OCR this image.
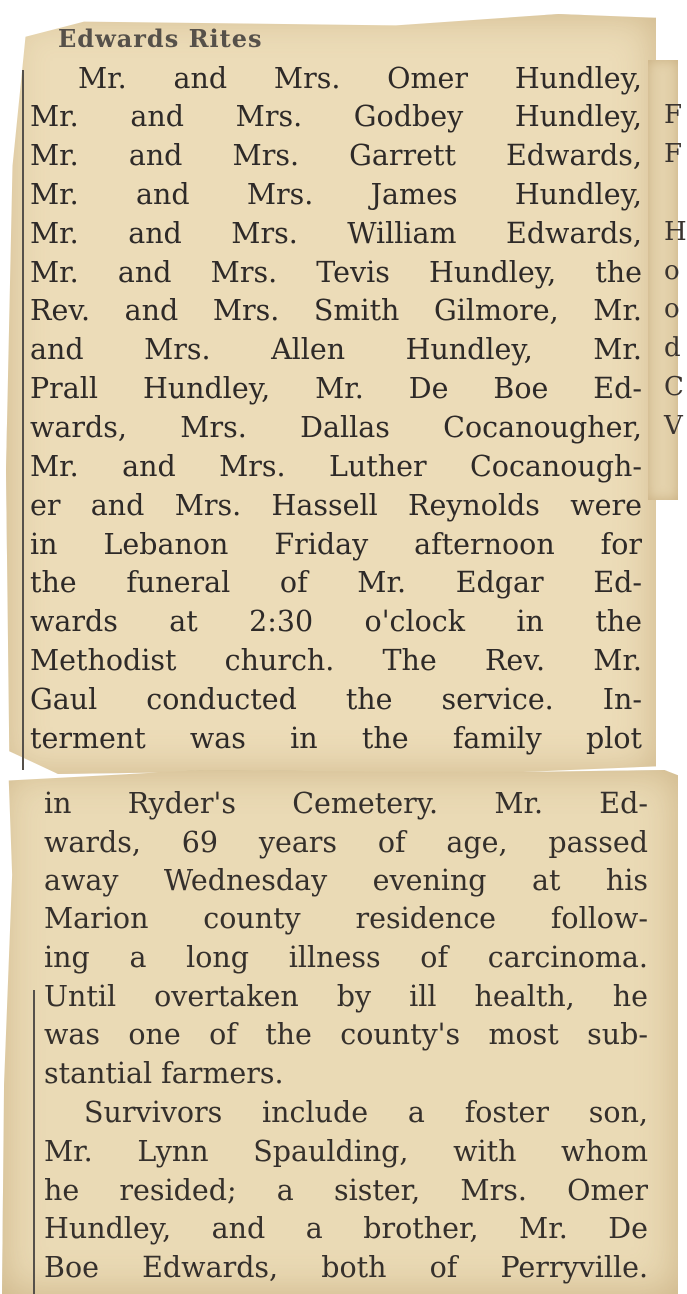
Edwards Rites
Mr. and Mrs. Omer Hundley,
Mr. and Mrs. Godbey Hundley,
Mr. and Mrs. Garrett Edwards,
Mr. and Mrs. James Hundley,
Mr. and Mrs. William Edwards,
Mr. and Mrs. Tevis Hundley, the
Rev. and Mrs. Smith Gilmore, Mr.
and Mrs. Allen Hundley, Mr.
Prall Hundley, Mr. De Boe Ed-
wards, Mrs. Dallas Cocanougher,
Mr. and Mrs. Luther Cocanough-
er and Mrs. Hassell Reynolds were
in Lebanon Friday afternoon for
the funeral of Mr. Edgar Ed-
wards at 2:30 o'clock in the
Methodist church. The Rev. Mr.
Gaul conducted the service. In-
terment was in the family plot
in Ryder's Cemetery. Mr. Ed-
wards, 69 years of age, passed
away Wednesday evening at his
Marion county residence follow-
ing a long illness of carcinoma.
Until overtaken by ill health, he
was one of the county's most sub-
stantial farmers.
Survivors include a foster son,
Mr. Lynn Spaulding, with whom
he resided; a sister, Mrs. Omer
Hundley, and a brother, Mr. De
Boe Edwards, both of Perryville.
F
F
H
o
o
d
C
V
